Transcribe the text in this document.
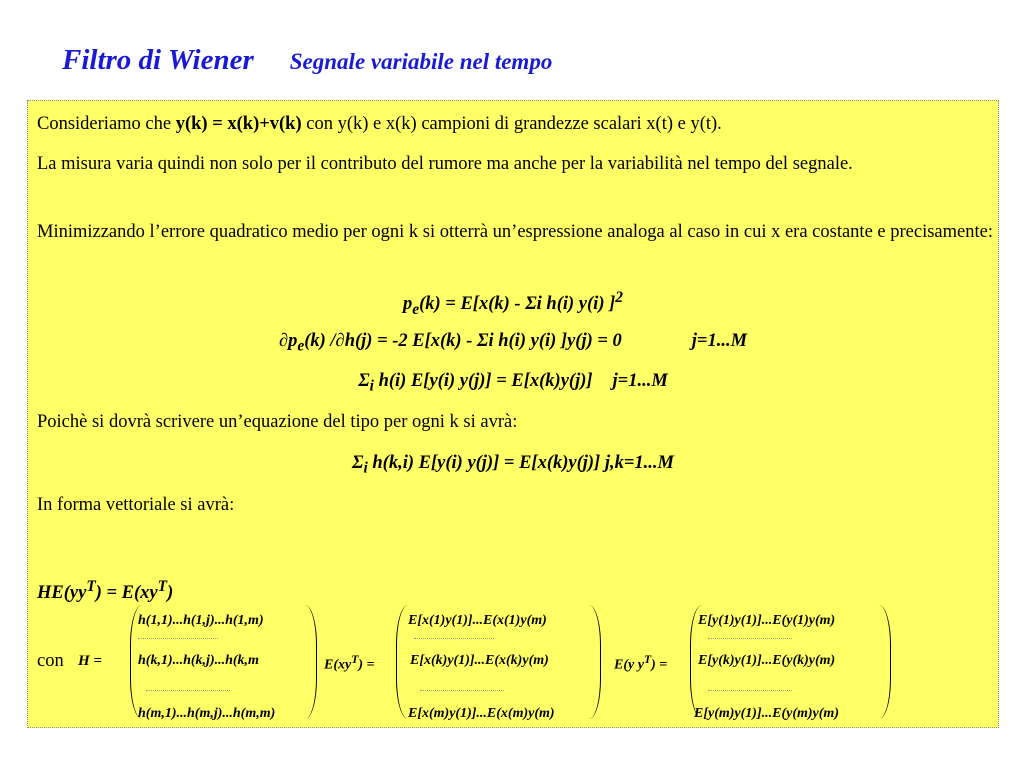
Filtro di Wiener Segnale variabile nel tempo
Consideriamo che y(k) = x(k)+v(k) con y(k) e x(k) campioni di grandezze scalari x(t) e y(t).
La misura varia quindi non solo per il contributo del rumore ma anche per la variabilità nel tempo del segnale.
Minimizzando l’errore quadratico medio per ogni k si otterrà un’espressione analoga al caso in cui x era costante e precisamente:
$p_e(k) = E[x(k) - \Sigma i$ h(i) y(i) ]$^2$
$\partial p_e(k) /\partial h(j) = -2$ E[x(k) - Σi h(i) y(i) ]y(j) = 0	j=1...M
$\Sigma_i$ h(i) E[y(i) y(j)] = E[x(k)y(j)] j=1...M
Poichè si dovrà scrivere un’equazione del tipo per ogni k si avrà:
$\Sigma_i$ h(k,i) E[y(i) y(j)] = E[x(k)y(j)] j,k=1...M
In forma vettoriale si avrà:
$HE(yy^T) = E(xy^T)$
con H =
h(1,1)...h(1,j)...h(1,m)
h(k,1)...h(k,j)...h(k,m
h(m,1)...h(m,j)...h(m,m)
$E(xy^T)$ =
E[x(1)y(1)]...E(x(1)y(m)
E[x(k)y(1)]...E(x(k)y(m)
E[x(m)y(1)]...E(x(m)y(m)
E(y $y^T$) =
E[y(1)y(1)]...E(y(1)y(m)
E[y(k)y(1)]...E(y(k)y(m)
E[y(m)y(1)]...E(y(m)y(m)
